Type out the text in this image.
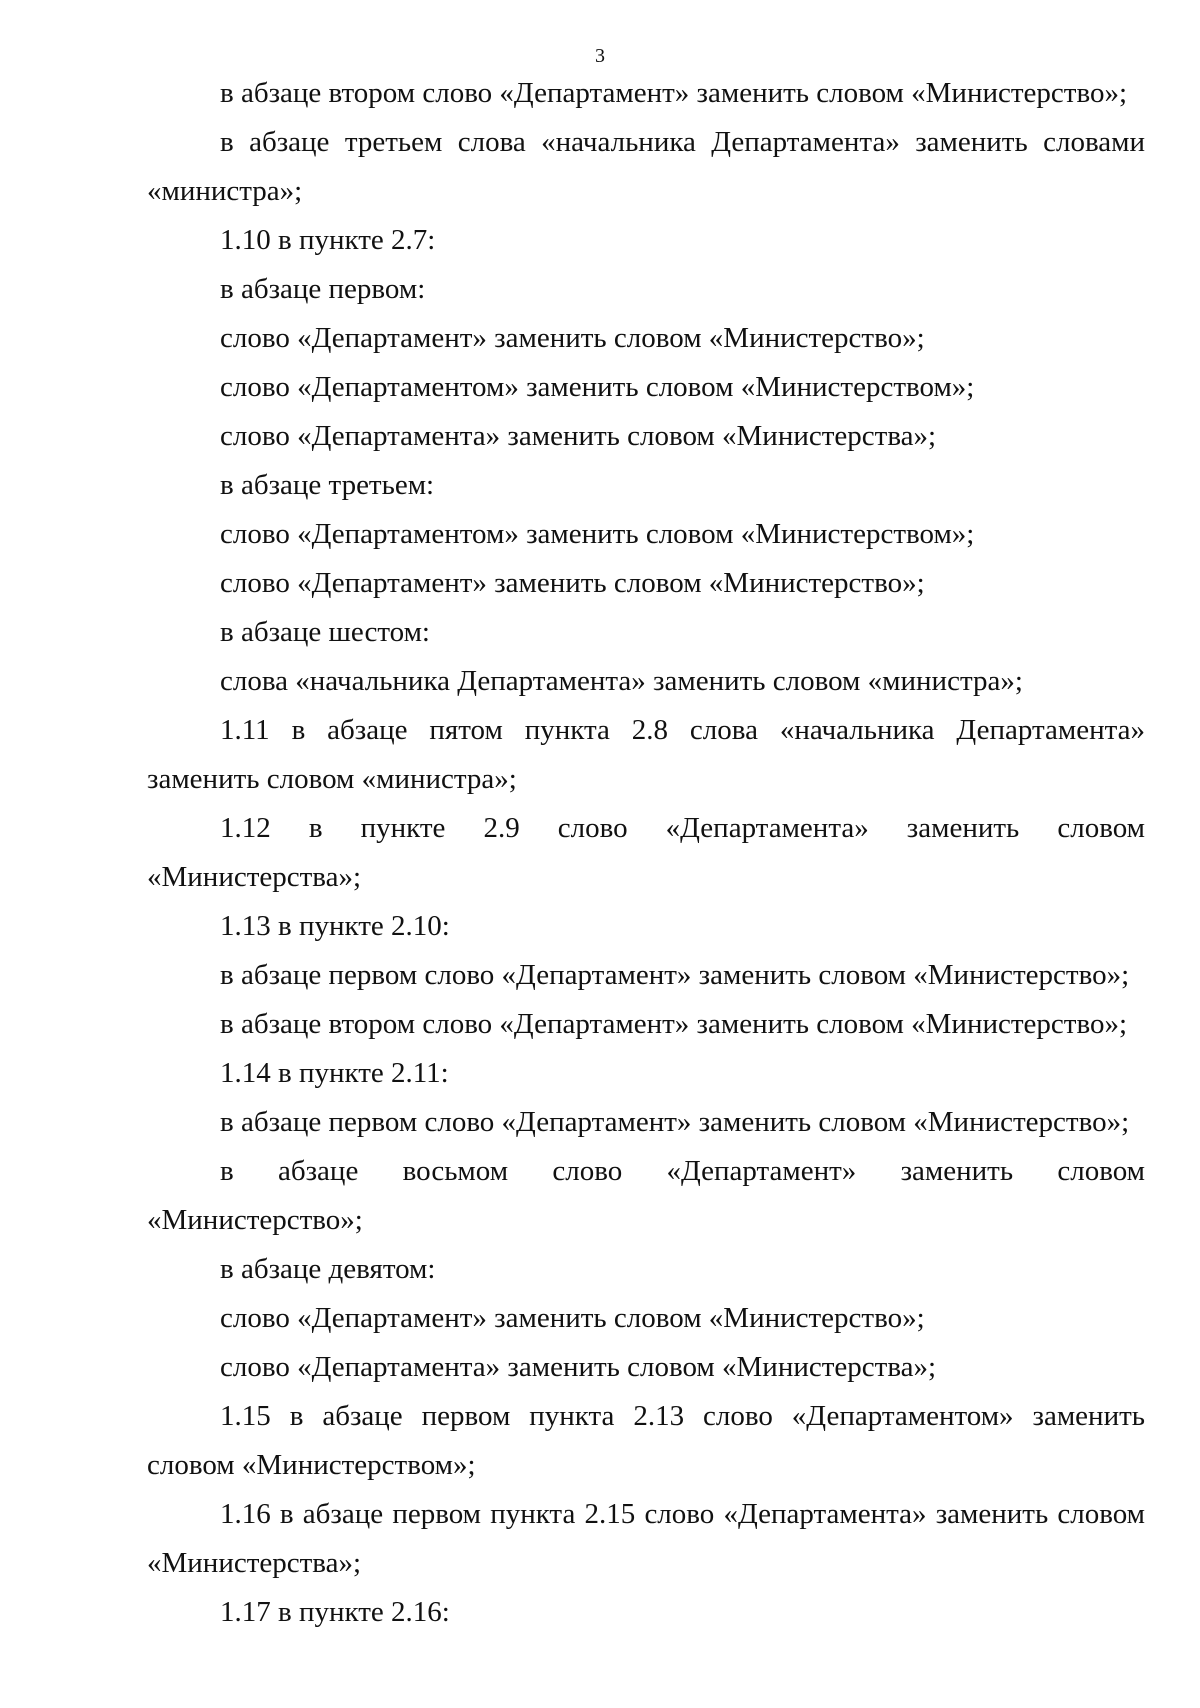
3

в абзаце втором слово «Департамент» заменить словом «Министерство»;

в абзаце третьем слова «начальника Департамента» заменить словами «министра»;

1.10 в пункте 2.7:

в абзаце первом:

слово «Департамент» заменить словом «Министерство»;

слово «Департаментом» заменить словом «Министерством»;

слово «Департамента» заменить словом «Министерства»;

в абзаце третьем:

слово «Департаментом» заменить словом «Министерством»;

слово «Департамент» заменить словом «Министерство»;

в абзаце шестом:

слова «начальника Департамента» заменить словом «министра»;

1.11 в абзаце пятом пункта 2.8 слова «начальника Департамента» заменить словом «министра»;

1.12 в пункте 2.9 слово «Департамента» заменить словом «Министерства»;

1.13 в пункте 2.10:

в абзаце первом слово «Департамент» заменить словом «Министерство»;

в абзаце втором слово «Департамент» заменить словом «Министерство»;

1.14 в пункте 2.11:

в абзаце первом слово «Департамент» заменить словом «Министерство»;

в абзаце восьмом слово «Департамент» заменить словом «Министерство»;

в абзаце девятом:

слово «Департамент» заменить словом «Министерство»;

слово «Департамента» заменить словом «Министерства»;

1.15 в абзаце первом пункта 2.13 слово «Департаментом» заменить словом «Министерством»;

1.16 в абзаце первом пункта 2.15 слово «Департамента» заменить словом «Министерства»;

1.17 в пункте 2.16:
